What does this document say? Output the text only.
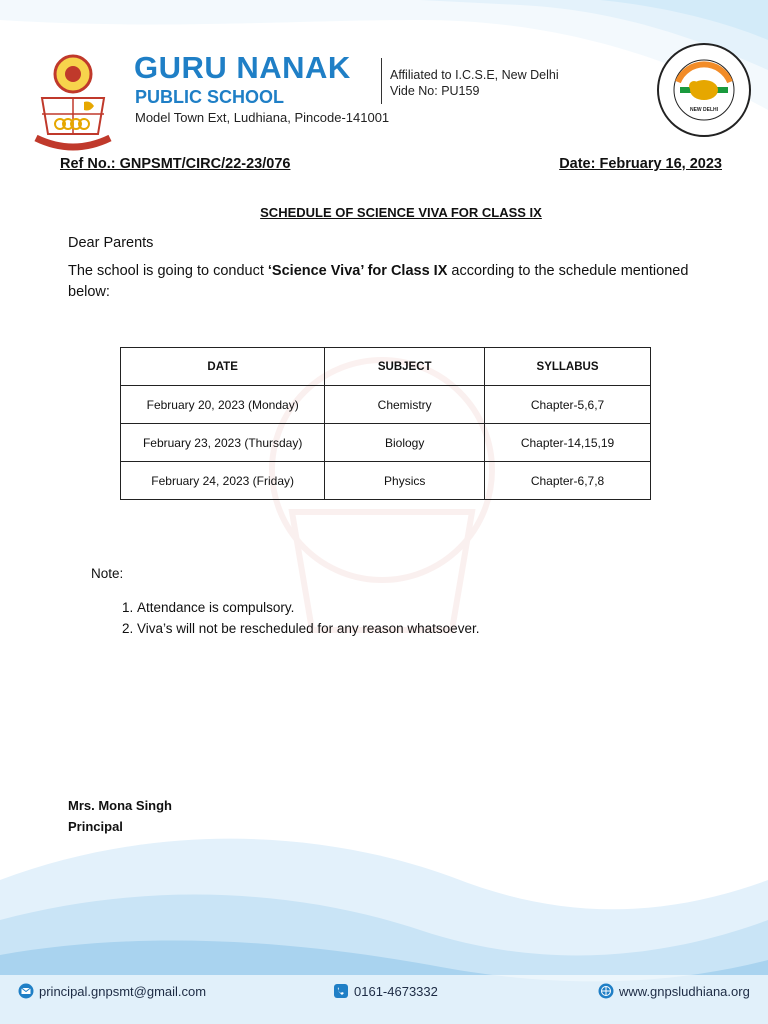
GURU NANAK
PUBLIC SCHOOL
Model Town Ext, Ludhiana, Pincode-141001
Affiliated to I.C.S.E, New Delhi
Vide No: PU159
NEW DELHI
Ref No.: GNPSMT/CIRC/22-23/076	Date: February 16, 2023
SCHEDULE OF SCIENCE VIVA FOR CLASS IX
Dear Parents
The school is going to conduct ‘Science Viva’ for Class IX according to the schedule mentioned below:
DATE	SUBJECT	SYLLABUS
February 20, 2023 (Monday)	Chemistry	Chapter-5,6,7
February 23, 2023 (Thursday)	Biology	Chapter-14,15,19
February 24, 2023 (Friday)	Physics	Chapter-6,7,8
Note:
1. Attendance is compulsory.
2. Viva’s will not be rescheduled for any reason whatsoever.
Mrs. Mona Singh
Principal
principal.gnpsmt@gmail.com	0161-4673332	www.gnpsludhiana.org
